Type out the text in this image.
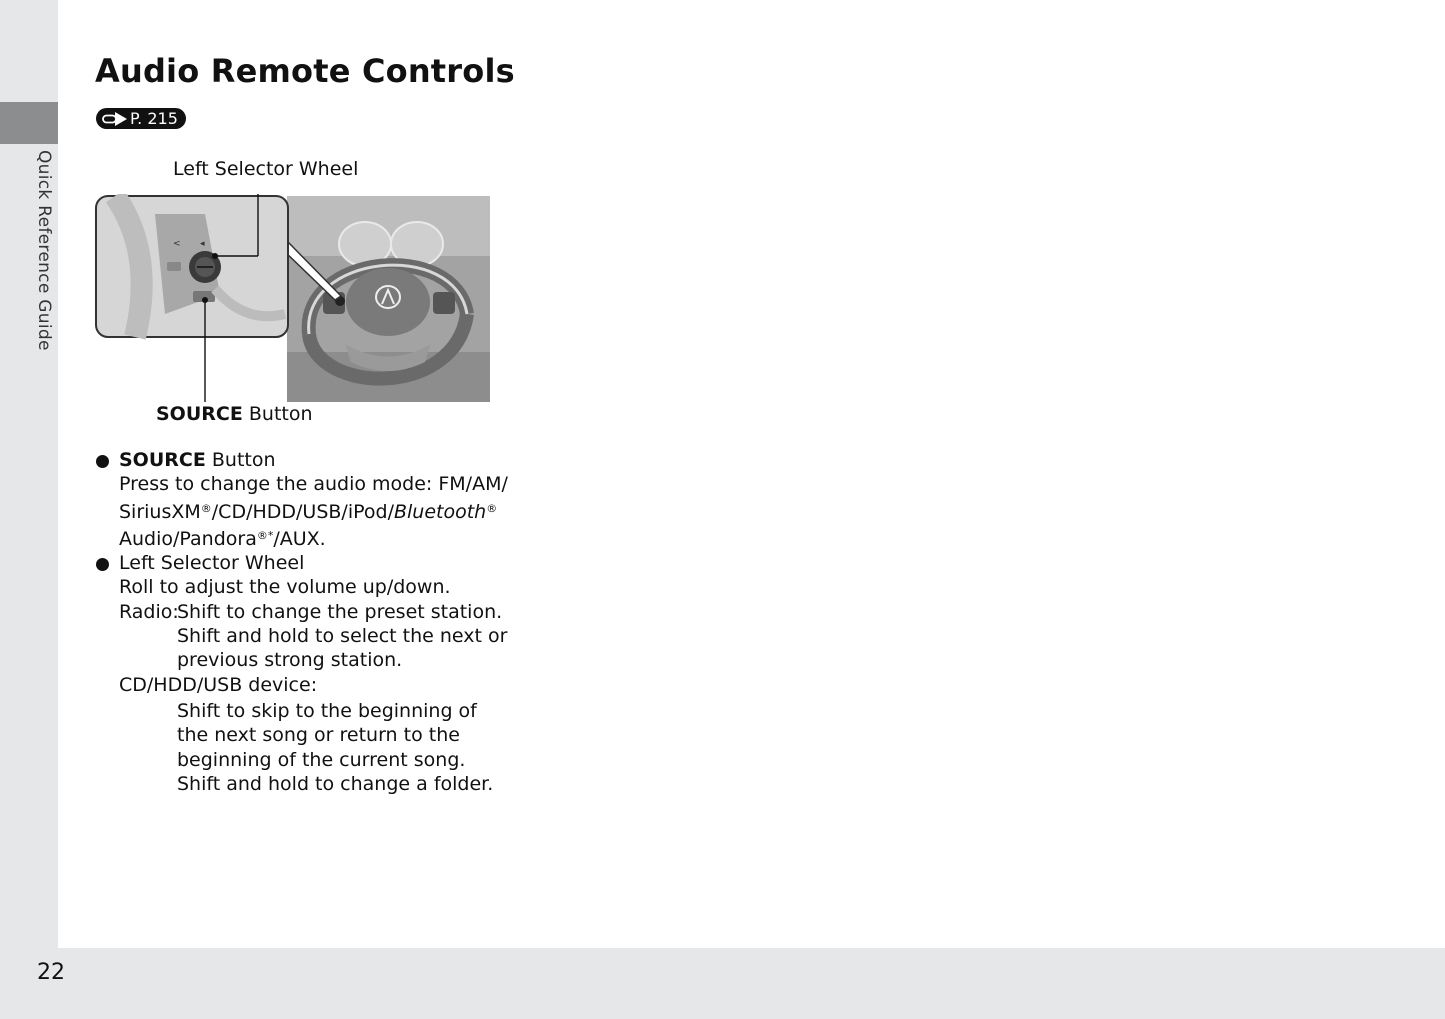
Quick Reference Guide
22
Audio Remote Controls
P. 215
Left Selector Wheel
< ◂
SOURCE Button
SOURCE Button
Press to change the audio mode: FM/AM/
SiriusXM®/CD/HDD/USB/iPod/Bluetooth®
Audio/Pandora®*/AUX.
Left Selector Wheel
Roll to adjust the volume up/down.
Radio:
Shift to change the preset station.
Shift and hold to select the next or
previous strong station.
CD/HDD/USB device:
Shift to skip to the beginning of
the next song or return to the
beginning of the current song.
Shift and hold to change a folder.
